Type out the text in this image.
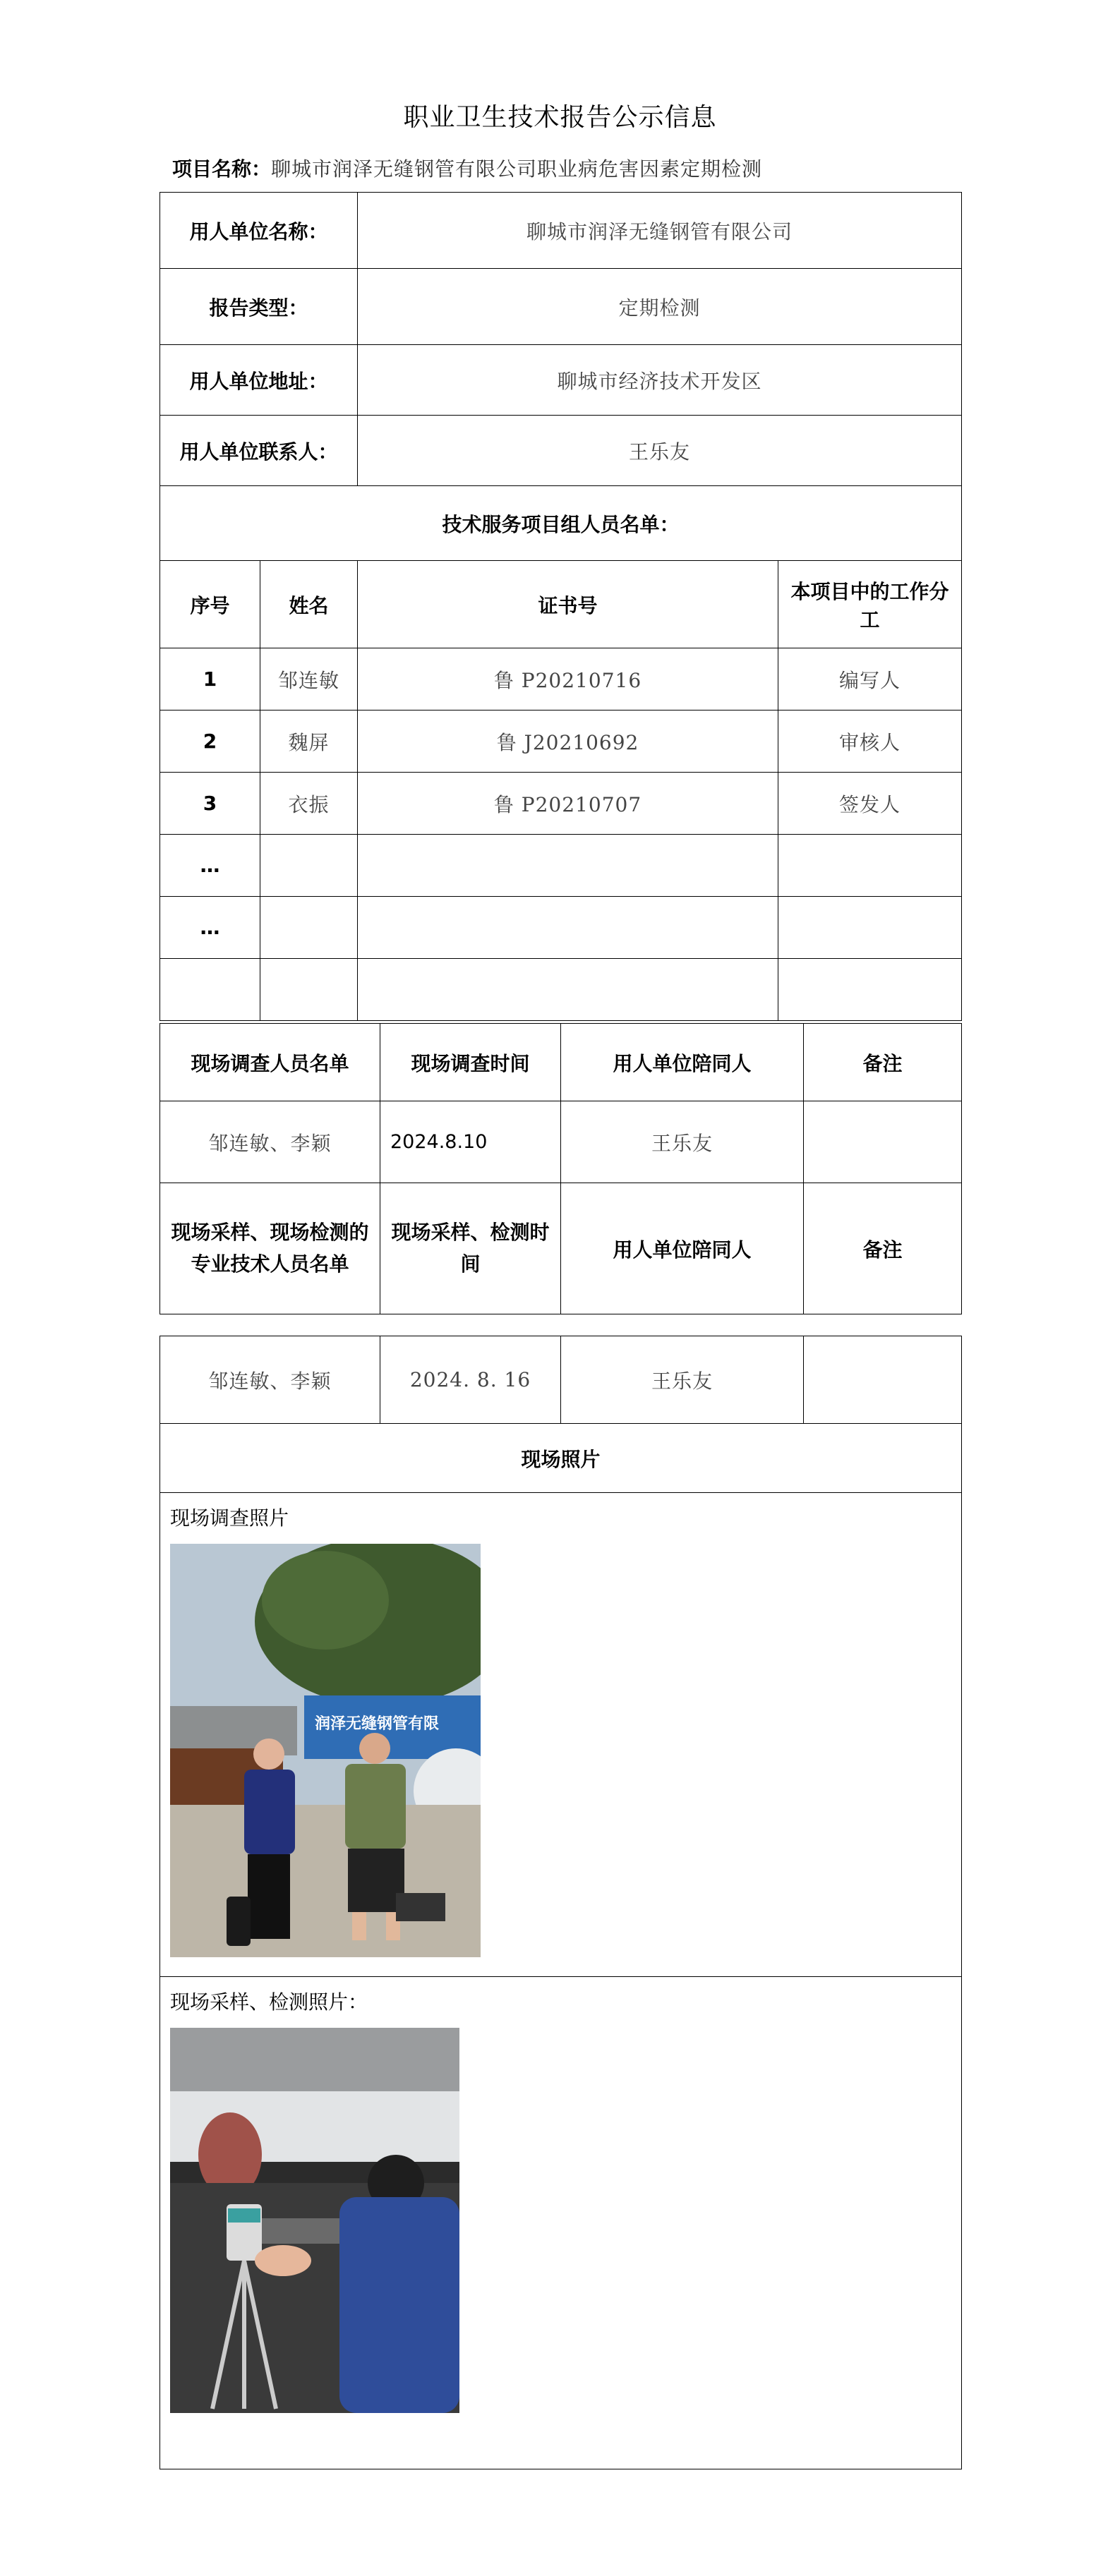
职业卫生技术报告公示信息
项目名称：聊城市润泽无缝钢管有限公司职业病危害因素定期检测
用人单位名称：		聊城市润泽无缝钢管有限公司	
报告类型：		定期检测	
用人单位地址：		聊城市经济技术开发区	
用人单位联系人：		王乐友	
技术服务项目组人员名单：			
序号	姓名	证书号	本项目中的工作分工
1	邹连敏	鲁 P20210716	编写人
2	魏屏	鲁 J20210692	审核人
3	衣振	鲁 P20210707	签发人
…			
…			

现场调查人员名单	现场调查时间	用人单位陪同人	备注
邹连敏、李颖	2024.8.10	王乐友	
现场采样、现场检测的专业技术人员名单	现场采样、检测时间	用人单位陪同人	备注
邹连敏、李颖	2024. 8. 16	王乐友	
现场照片

现场调查照片
润泽无缝钢管有限

现场采样、检测照片：
